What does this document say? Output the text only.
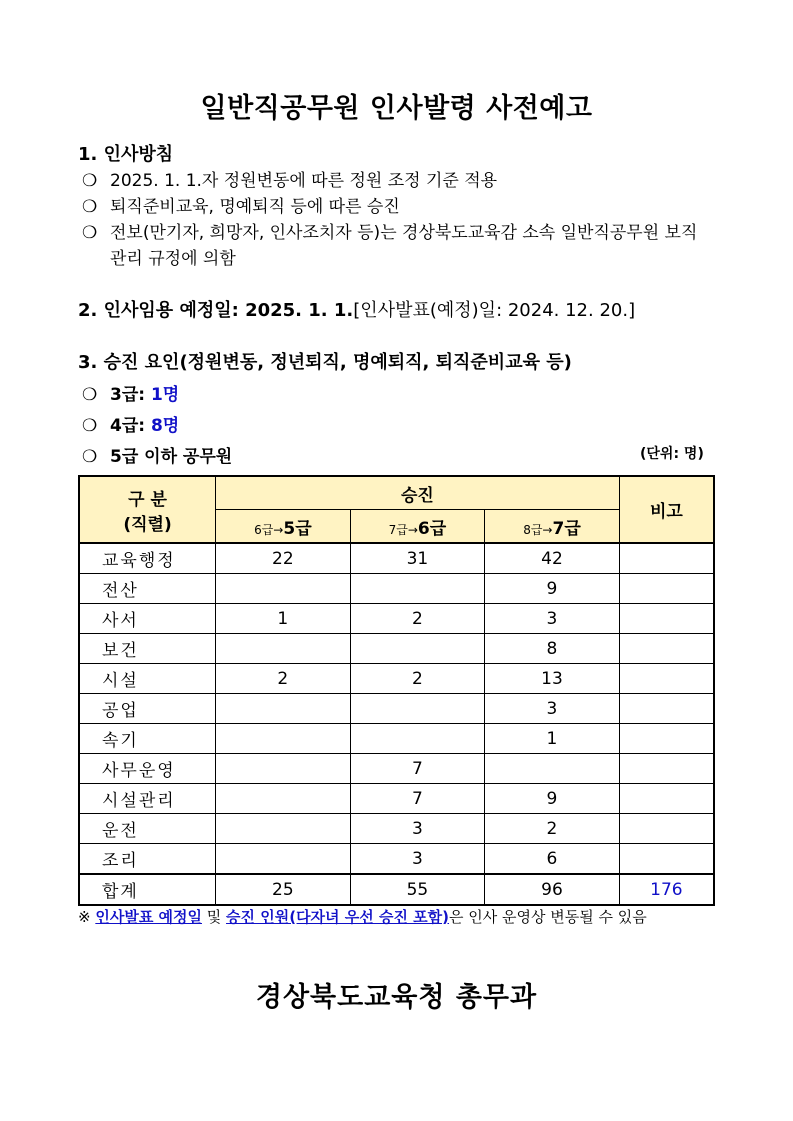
일반직공무원 인사발령 사전예고
1. 인사방침
❍ 2025. 1. 1.자 정원변동에 따른 정원 조정 기준 적용
❍ 퇴직준비교육, 명예퇴직 등에 따른 승진
❍ 전보(만기자, 희망자, 인사조치자 등)는 경상북도교육감 소속 일반직공무원 보직
관리 규정에 의함
2. 인사임용 예정일: 2025. 1. 1.[인사발표(예정)일: 2024. 12. 20.]
3. 승진 요인(정원변동, 정년퇴직, 명예퇴직, 퇴직준비교육 등)
❍ 3급: 1명
❍ 4급: 8명
❍ 5급 이하 공무원	(단위: 명)
구 분
(직렬)	승진			비고
	6급→5급	7급→6급	8급→7급	
교육행정	22	31	42	
전산			9	
사서	1	2	3	
보건			8	
시설	2	2	13	
공업			3	
속기			1	
사무운영		7		
시설관리		7	9	
운전		3	2	
조리		3	6	
합계	25	55	96	176
※ 인사발표 예정일 및 승진 인원(다자녀 우선 승진 포함)은 인사 운영상 변동될 수 있음
경상북도교육청 총무과
